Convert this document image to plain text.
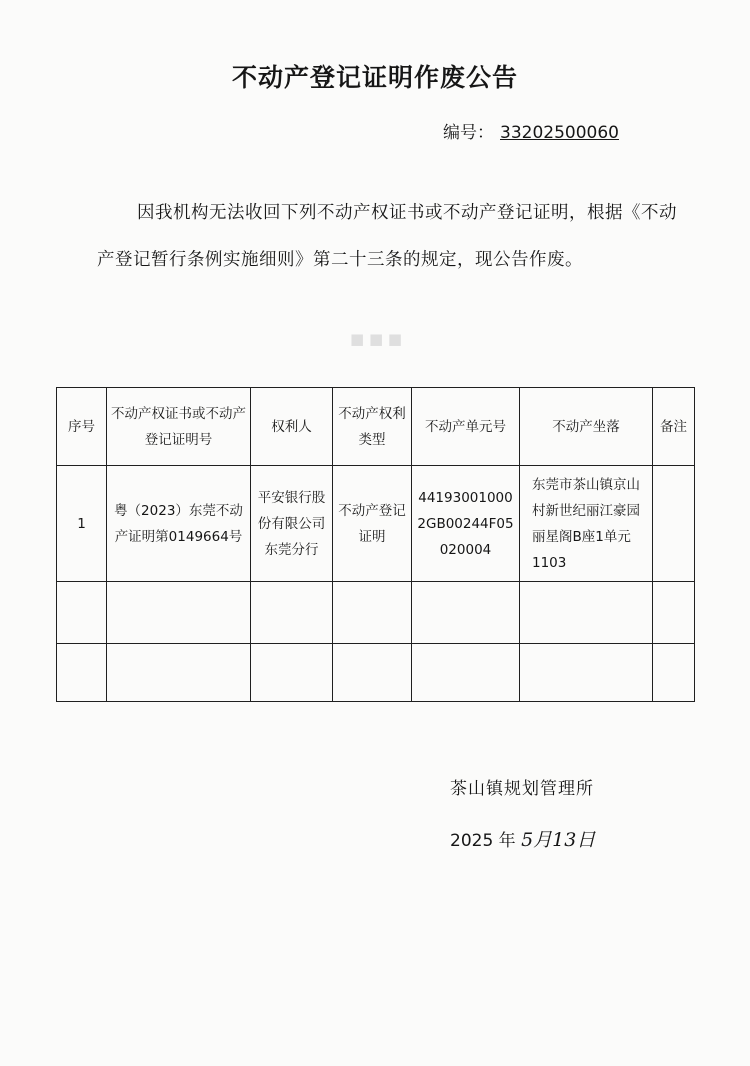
■ ■ ■
不动产登记证明作废公告
编号： 33202500060
因我机构无法收回下列不动产权证书或不动产登记证明，根据《不动产登记暂行条例实施细则》第二十三条的规定，现公告作废。
序号	不动产权证书或不动产登记证明号	权利人	不动产权利类型	不动产单元号	不动产坐落	备注
1	粤（2023）东莞不动产证明第0149664号	平安银行股份有限公司东莞分行	不动产登记证明	441930010002GB00244F05020004	东莞市茶山镇京山村新世纪丽江豪园丽星阁B座1单元1103	

茶山镇规划管理所
2025 年 5月13日
